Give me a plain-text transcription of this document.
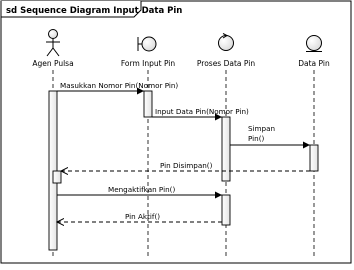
sd Sequence Diagram Input Data Pin
Agen Pulsa	Form Input Pin	Proses Data Pin	Data Pin
Masukkan Nomor Pin(Nomor Pin)
Input Data Pin(Nomor Pin)
Simpan
Pin()
Pin Disimpan()
Mengaktifkan Pin()
Pin Aktif()
